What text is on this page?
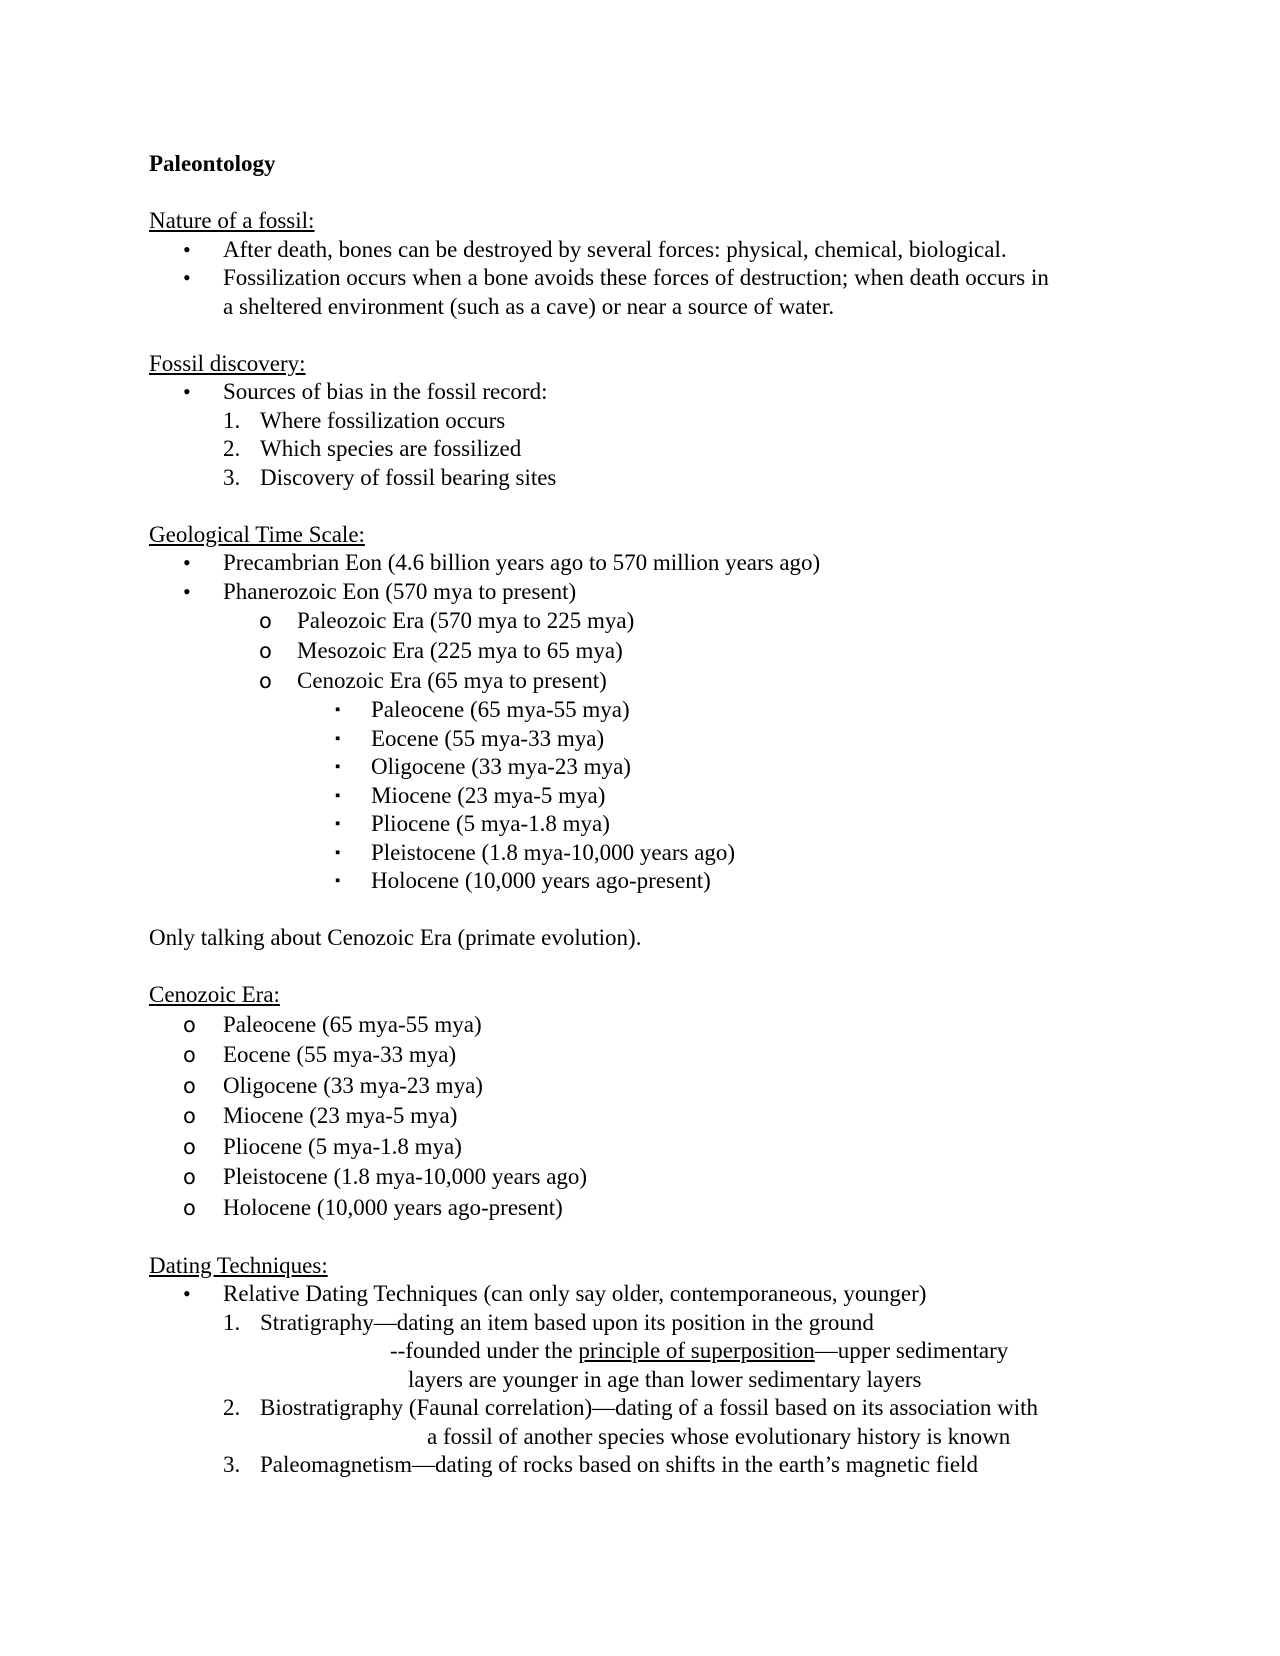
Paleontology
Nature of a fossil:
• After death, bones can be destroyed by several forces: physical, chemical, biological.
• Fossilization occurs when a bone avoids these forces of destruction; when death occurs in
a sheltered environment (such as a cave) or near a source of water.
Fossil discovery:
• Sources of bias in the fossil record:
1. Where fossilization occurs
2. Which species are fossilized
3. Discovery of fossil bearing sites
Geological Time Scale:
• Precambrian Eon (4.6 billion years ago to 570 million years ago)
• Phanerozoic Eon (570 mya to present)
o Paleozoic Era (570 mya to 225 mya)
o Mesozoic Era (225 mya to 65 mya)
o Cenozoic Era (65 mya to present)
▪ Paleocene (65 mya-55 mya)
▪ Eocene (55 mya-33 mya)
▪ Oligocene (33 mya-23 mya)
▪ Miocene (23 mya-5 mya)
▪ Pliocene (5 mya-1.8 mya)
▪ Pleistocene (1.8 mya-10,000 years ago)
▪ Holocene (10,000 years ago-present)
Only talking about Cenozoic Era (primate evolution).
Cenozoic Era:
o Paleocene (65 mya-55 mya)
o Eocene (55 mya-33 mya)
o Oligocene (33 mya-23 mya)
o Miocene (23 mya-5 mya)
o Pliocene (5 mya-1.8 mya)
o Pleistocene (1.8 mya-10,000 years ago)
o Holocene (10,000 years ago-present)
Dating Techniques:
• Relative Dating Techniques (can only say older, contemporaneous, younger)
1. Stratigraphy—dating an item based upon its position in the ground
--founded under the principle of superposition—upper sedimentary
layers are younger in age than lower sedimentary layers
2. Biostratigraphy (Faunal correlation)—dating of a fossil based on its association with
a fossil of another species whose evolutionary history is known
3. Paleomagnetism—dating of rocks based on shifts in the earth’s magnetic field
